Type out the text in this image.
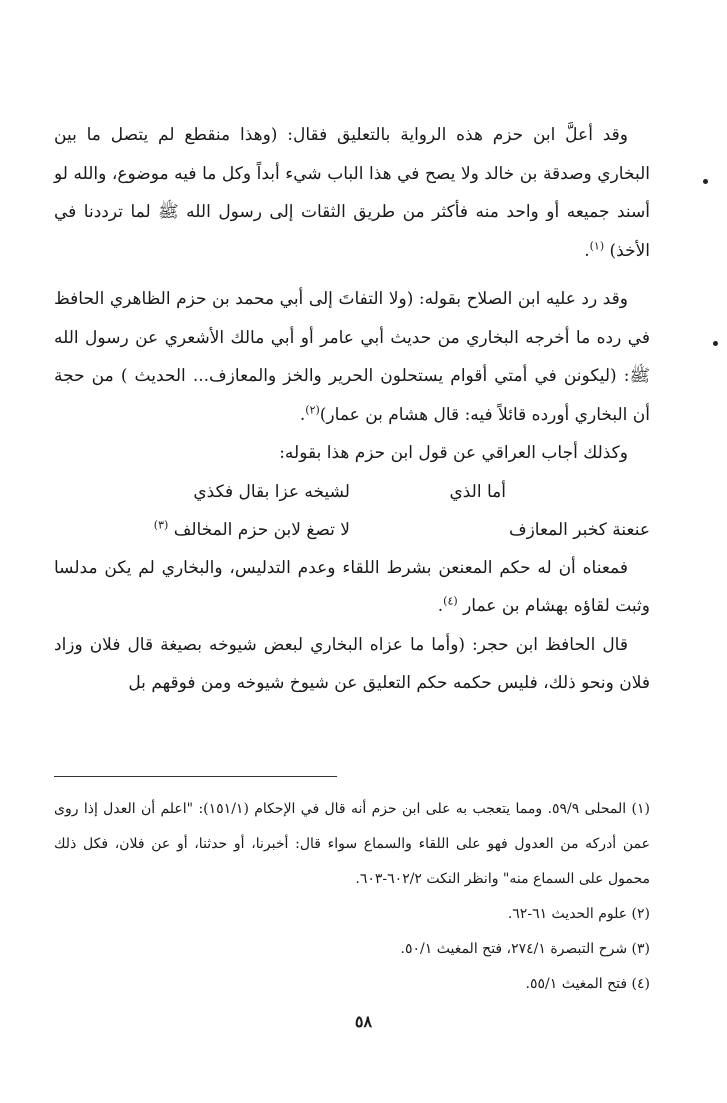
وقد أعلَّ ابن حزم هذه الرواية بالتعليق فقال: (وهذا منقطع لم يتصل ما بين البخاري وصدقة بن خالد ولا يصح في هذا الباب شيء أبداً وكل ما فيه موضوع، والله لو أسند جميعه أو واحد منه فأكثر من طريق الثقات إلى رسول الله ﷺ لما ترددنا في الأخذ) $^{(١)}$.

وقد رد عليه ابن الصلاح بقوله: (ولا التفاتَ إلى أبي محمد بن حزم الظاهري الحافظ في رده ما أخرجه البخاري من حديث أبي عامر أو أبي مالك الأشعري عن رسول الله ﷺ: (ليكونن في أمتي أقوام يستحلون الحرير والخز والمعازف... الحديث ) من حجة أن البخاري أورده قائلاً فيه: قال هشام بن عمار)$^{(٢)}$.

وكذلك أجاب العراقي عن قول ابن حزم هذا بقوله:

أما الذي
لشيخه عزا بقال فكذي
عنعنة كخبر المعازف
لا تصغ لابن حزم المخالف $^{(٣)}$

فمعناه أن له حكم المعنعن بشرط اللقاء وعدم التدليس، والبخاري لم يكن مدلسا وثبت لقاؤه بهشام بن عمار $^{(٤)}$.

قال الحافظ ابن حجر: (وأما ما عزاه البخاري لبعض شيوخه بصيغة قال فلان وزاد فلان ونحو ذلك، فليس حكمه حكم التعليق عن شيوخ شيوخه ومن فوقهم بل

(١) المحلى ٥٩/٩. ومما يتعجب به على ابن حزم أنه قال في الإحكام (١٥١/١): "اعلم أن العدل إذا روى عمن أدركه من العدول فهو على اللقاء والسماع سواء قال: أخبرنا، أو حدثنا، أو عن فلان، فكل ذلك محمول على السماع منه" وانظر النكت ٦٠٢/٢-٦٠٣.

(٢) علوم الحديث ٦١-٦٢.

(٣) شرح التبصرة ٢٧٤/١، فتح المغيث ٥٠/١.

(٤) فتح المغيث ٥٥/١.

٥٨
